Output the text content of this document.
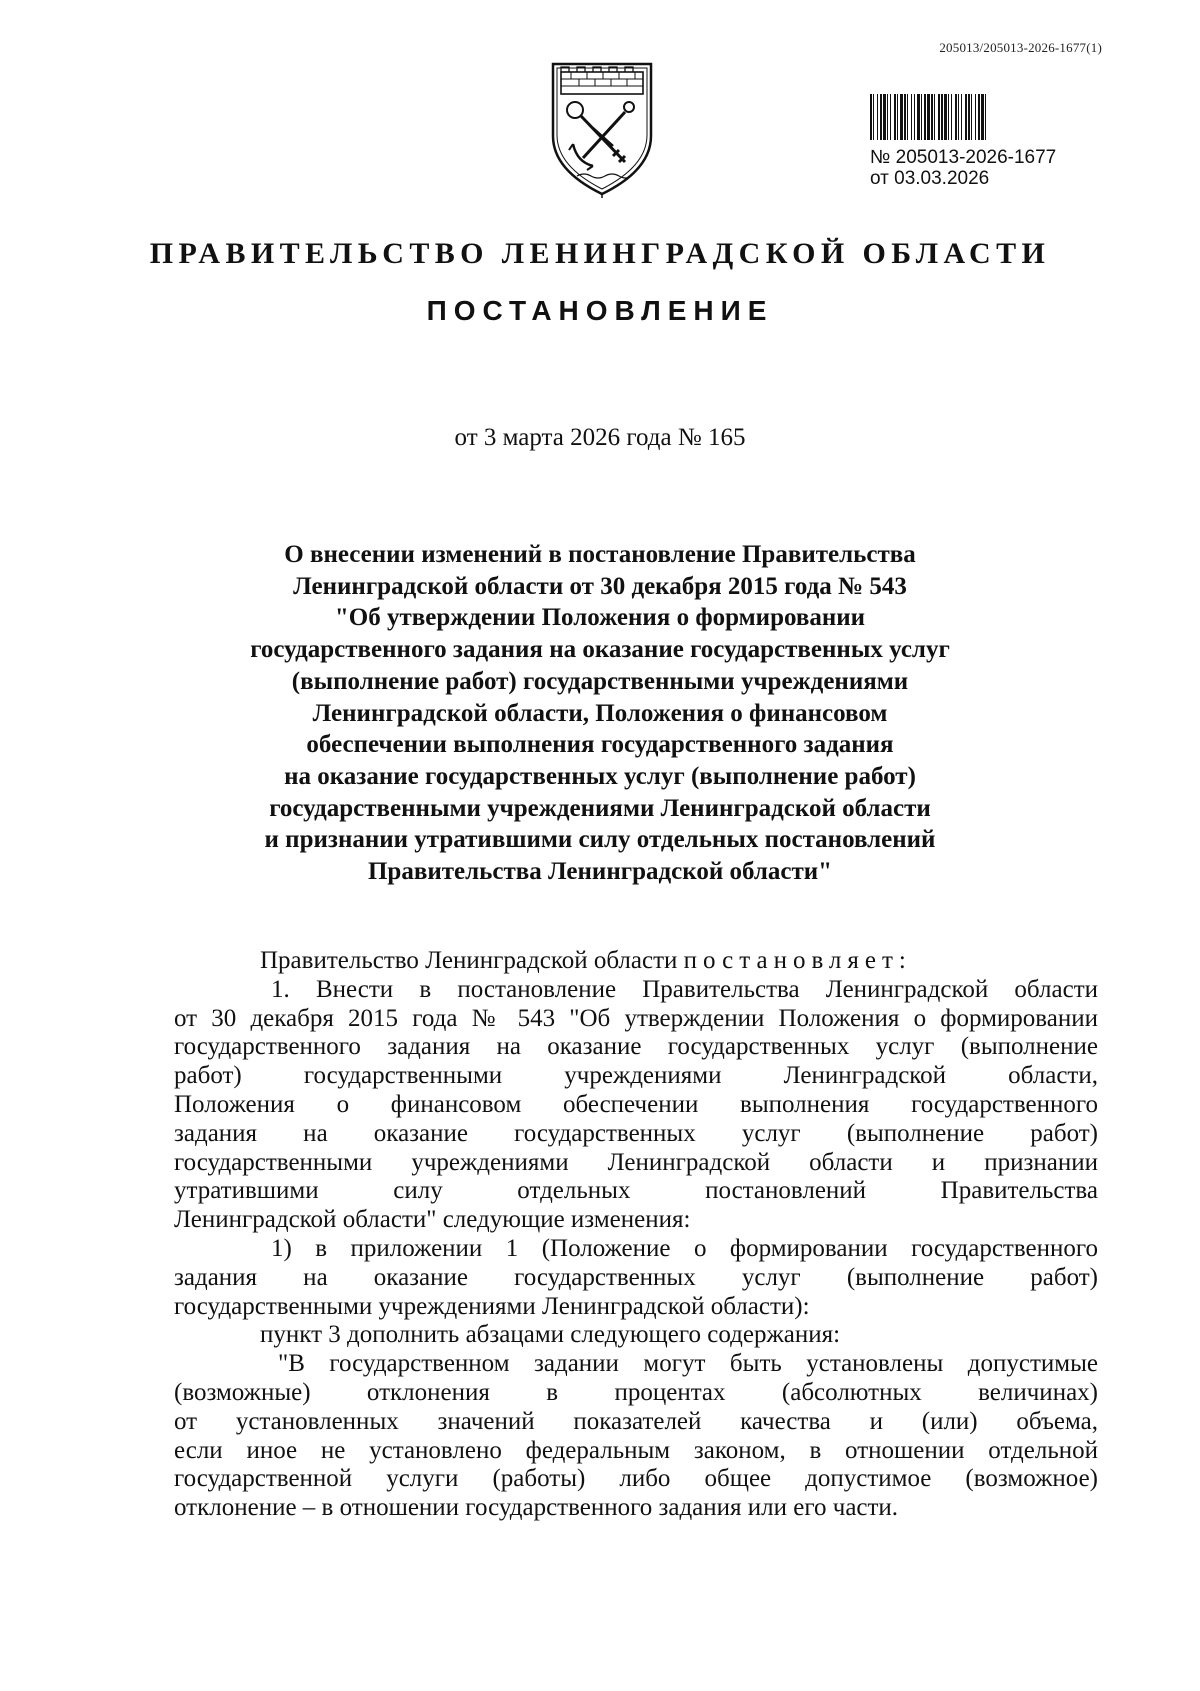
205013/205013-2026-1677(1)
№ 205013-2026-1677
от 03.03.2026
ПРАВИТЕЛЬСТВО ЛЕНИНГРАДСКОЙ ОБЛАСТИ
ПОСТАНОВЛЕНИЕ
от 3 марта 2026 года № 165
О внесении изменений в постановление Правительства
Ленинградской области от 30 декабря 2015 года № 543
"Об утверждении Положения о формировании
государственного задания на оказание государственных услуг
(выполнение работ) государственными учреждениями
Ленинградской области, Положения о финансовом
обеспечении выполнения государственного задания
на оказание государственных услуг (выполнение работ)
государственными учреждениями Ленинградской области
и признании утратившими силу отдельных постановлений
Правительства Ленинградской области"
Правительство Ленинградской области постановляет:
1. Внести в постановление Правительства Ленинградской области
от 30 декабря 2015 года № 543 "Об утверждении Положения о формировании
государственного задания на оказание государственных услуг (выполнение
работ) государственными учреждениями Ленинградской области,
Положения о финансовом обеспечении выполнения государственного
задания на оказание государственных услуг (выполнение работ)
государственными учреждениями Ленинградской области и признании
утратившими силу отдельных постановлений Правительства
Ленинградской области" следующие изменения:
1) в приложении 1 (Положение о формировании государственного
задания на оказание государственных услуг (выполнение работ)
государственными учреждениями Ленинградской области):
пункт 3 дополнить абзацами следующего содержания:
"В государственном задании могут быть установлены допустимые
(возможные) отклонения в процентах (абсолютных величинах)
от установленных значений показателей качества и (или) объема,
если иное не установлено федеральным законом, в отношении отдельной
государственной услуги (работы) либо общее допустимое (возможное)
отклонение – в отношении государственного задания или его части.
